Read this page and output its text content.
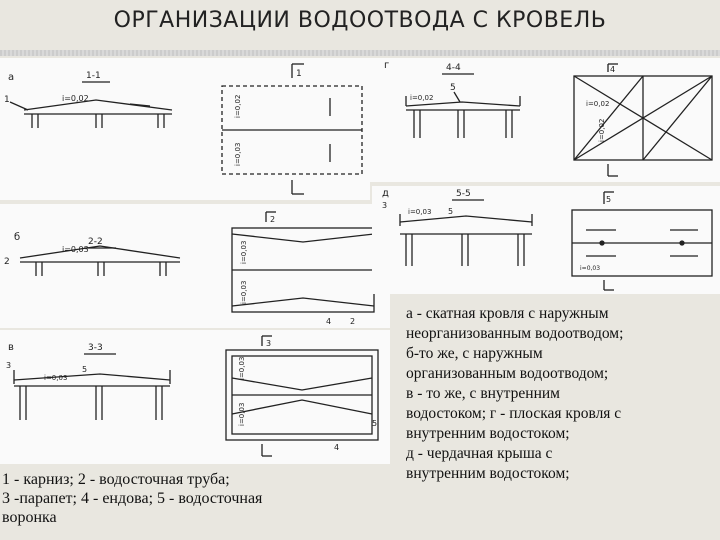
ОРГАНИЗАЦИИ ВОДООТВОДА С КРОВЕЛЬ
а	1-1
1	i=0,02
1
i=0,02
i=0,03
г	4-4
5
i=0,02
4
i=0,02
i=0,02
б	2-2
i=0,03
2
2
i=0,03
i=0,03
4 2
д	5-5
3
5
i=0,03
5
i=0,03
в	3-3
3	5
i=0,03
3
i=0,03
i=0,03
4
5
1 - карниз; 2 - водосточная труба;
3 -парапет; 4 - ендова; 5 - водосточная
воронка
а - скатная кровля с наружным
неорганизованным водоотводом;
б-то же, с наружным
организованным водоотводом;
в - то же, с внутренним
водостоком; г - плоская кровля с
внутренним водостоком;
д - чердачная крыша с
внутренним водостоком;
